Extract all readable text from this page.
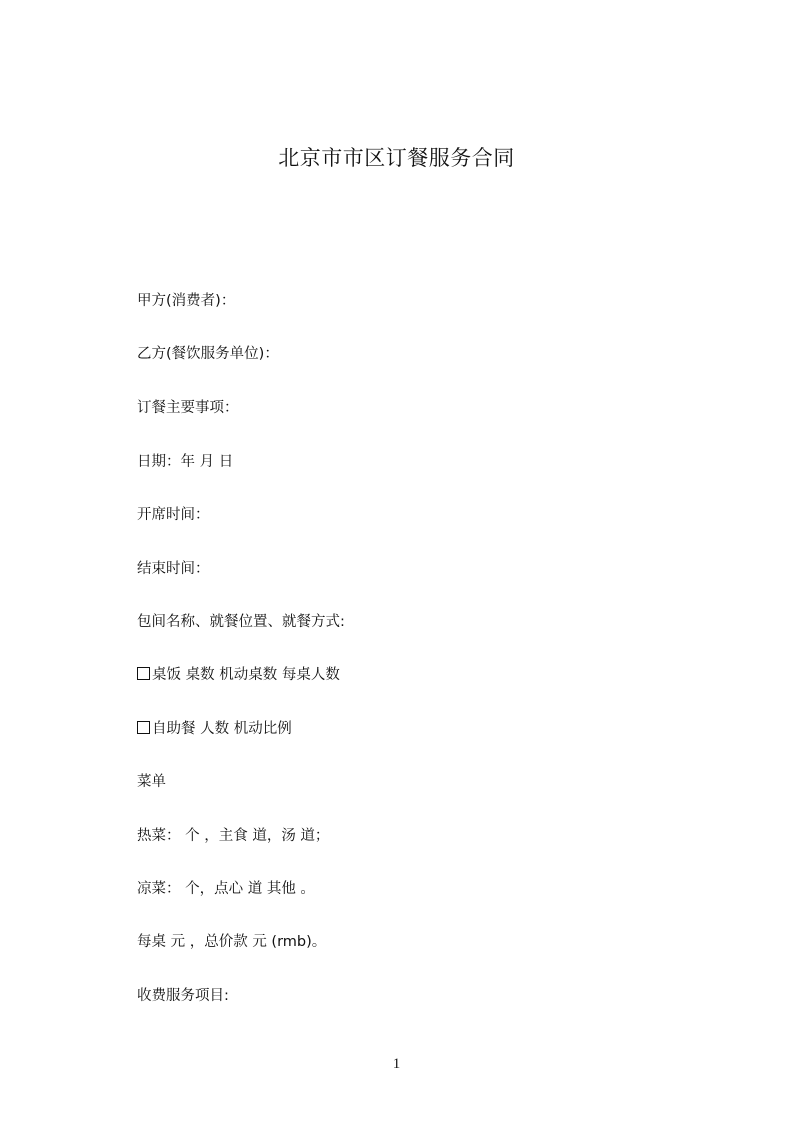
北京市市区订餐服务合同
甲方(消费者)：
乙方(餐饮服务单位)：
订餐主要事项：
日期：年 月 日
开席时间：
结束时间：
包间名称、就餐位置、就餐方式:
桌饭 桌数 机动桌数 每桌人数
自助餐 人数 机动比例
菜单
热菜： 个 ，主食 道，汤 道；
凉菜： 个，点心 道 其他 。
每桌 元 ，总价款 元 (rmb)。
收费服务项目:
1
